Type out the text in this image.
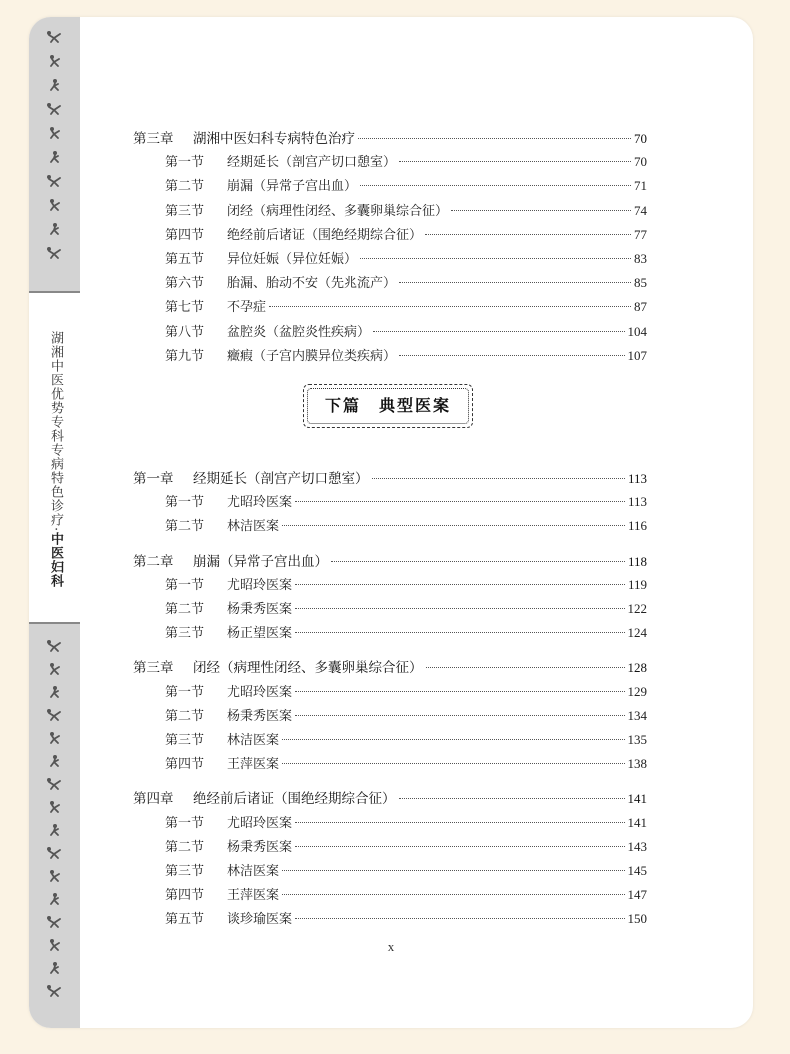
湖湘中医优势专科专病特色诊疗·中医妇科
第三章	湖湘中医妇科专病特色治疗	70
第一节	经期延长（剖宫产切口憩室）	70
第二节	崩漏（异常子宫出血）	71
第三节	闭经（病理性闭经、多囊卵巢综合征）	74
第四节	绝经前后诸证（围绝经期综合征）	77
第五节	异位妊娠（异位妊娠）	83
第六节	胎漏、胎动不安（先兆流产）	85
第七节	不孕症	87
第八节	盆腔炎（盆腔炎性疾病）	104
第九节	癥瘕（子宫内膜异位类疾病）	107
第一章	经期延长（剖宫产切口憩室）	113
第一节	尤昭玲医案	113
第二节	林洁医案	116
第二章	崩漏（异常子宫出血）	118
第一节	尤昭玲医案	119
第二节	杨秉秀医案	122
第三节	杨正望医案	124
第三章	闭经（病理性闭经、多囊卵巢综合征）	128
第一节	尤昭玲医案	129
第二节	杨秉秀医案	134
第三节	林洁医案	135
第四节	王萍医案	138
第四章	绝经前后诸证（围绝经期综合征）	141
第一节	尤昭玲医案	141
第二节	杨秉秀医案	143
第三节	林洁医案	145
第四节	王萍医案	147
第五节	谈珍瑜医案	150
下篇　典型医案
x
